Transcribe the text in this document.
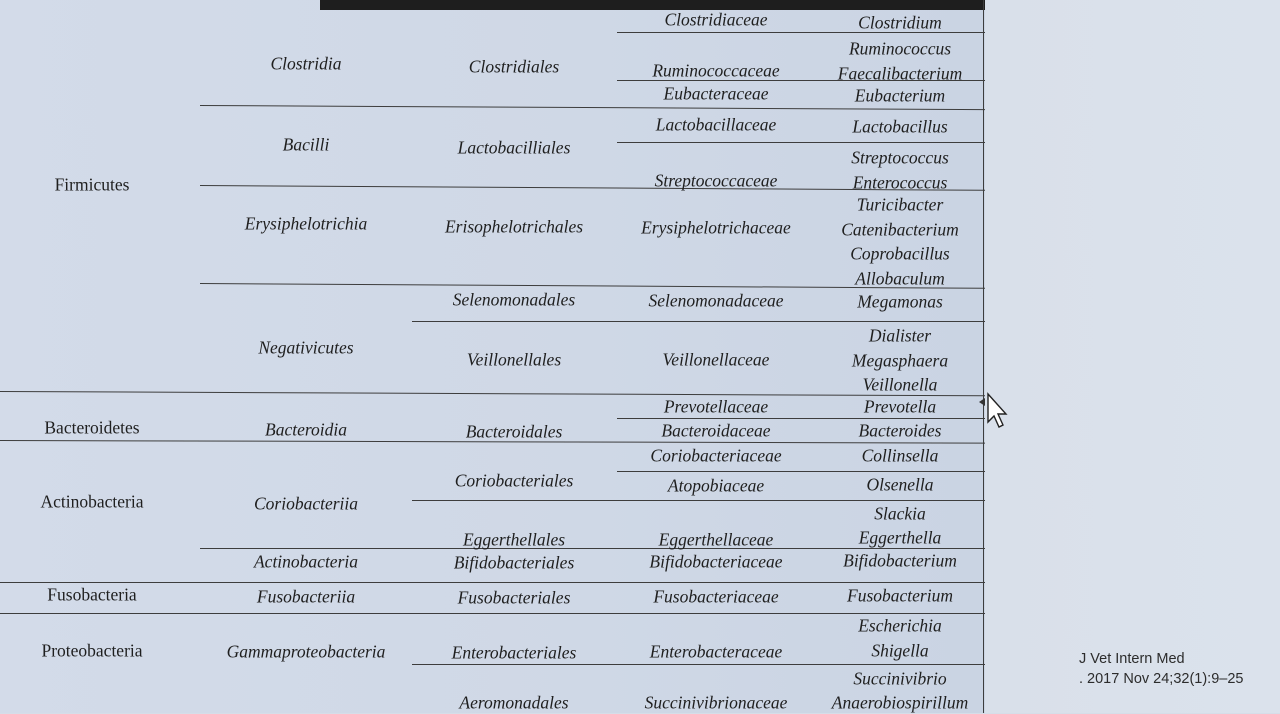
Firmicutes
Bacteroidetes
Actinobacteria
Fusobacteria
Proteobacteria
Clostridia
Bacilli
Erysiphelotrichia
Negativicutes
Bacteroidia
Coriobacteriia
Actinobacteria
Fusobacteriia
Gammaproteobacteria
Clostridiales
Lactobacilliales
Erisophelotrichales
Selenomonadales
Veillonellales
Bacteroidales
Coriobacteriales
Eggerthellales
Bifidobacteriales
Fusobacteriales
Enterobacteriales
Aeromonadales
Clostridiaceae
Ruminococcaceae
Eubacteraceae
Lactobacillaceae
Streptococcaceae
Erysiphelotrichaceae
Selenomonadaceae
Veillonellaceae
Prevotellaceae
Bacteroidaceae
Coriobacteriaceae
Atopobiaceae
Eggerthellaceae
Bifidobacteriaceae
Fusobacteriaceae
Enterobacteraceae
Succinivibrionaceae
Clostridium
Ruminococcus
Faecalibacterium
Eubacterium
Lactobacillus
Streptococcus
Enterococcus
Turicibacter
Catenibacterium
Coprobacillus
Allobaculum
Megamonas
Dialister
Megasphaera
Veillonella
Prevotella
Bacteroides
Collinsella
Olsenella
Slackia
Eggerthella
Bifidobacterium
Fusobacterium
Escherichia
Shigella
Succinivibrio
Anaerobiospirillum
J Vet Intern Med
. 2017 Nov 24;32(1):9–25
